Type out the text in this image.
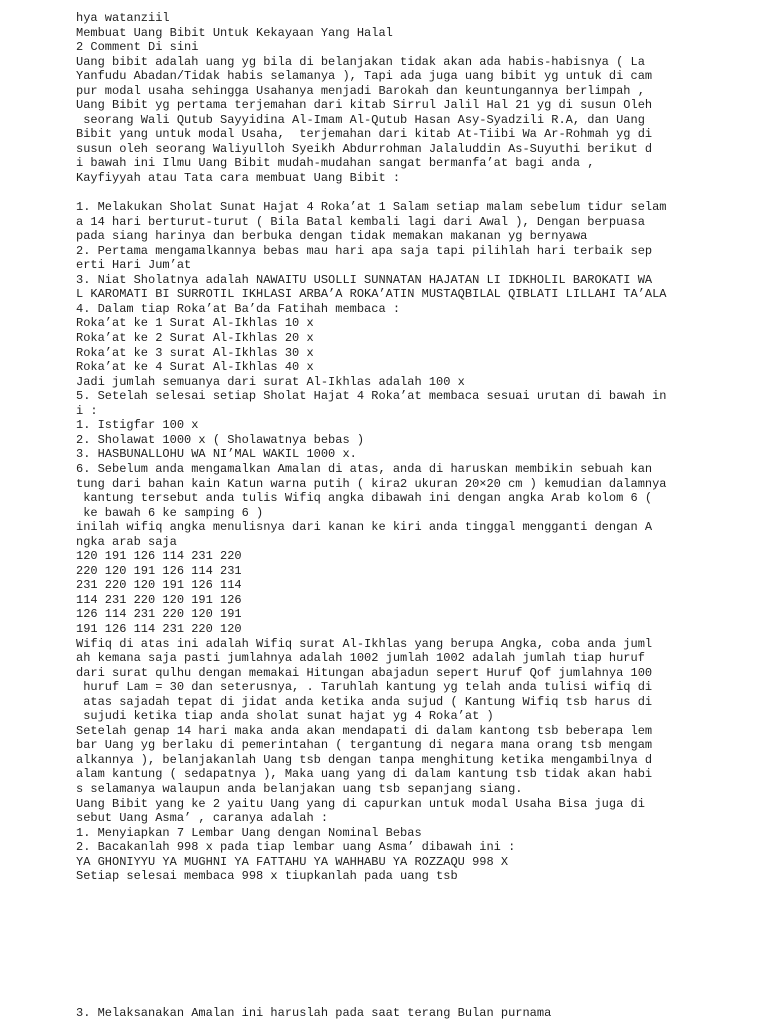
hya watanziil
Membuat Uang Bibit Untuk Kekayaan Yang Halal
2 Comment Di sini
Uang bibit adalah uang yg bila di belanjakan tidak akan ada habis-habisnya ( La
Yanfudu Abadan/Tidak habis selamanya ), Tapi ada juga uang bibit yg untuk di cam
pur modal usaha sehingga Usahanya menjadi Barokah dan keuntungannya berlimpah ,
Uang Bibit yg pertama terjemahan dari kitab Sirrul Jalil Hal 21 yg di susun Oleh
seorang Wali Qutub Sayyidina Al-Imam Al-Qutub Hasan Asy-Syadzili R.A, dan Uang
Bibit yang untuk modal Usaha,  terjemahan dari kitab At-Tiibi Wa Ar-Rohmah yg di
susun oleh seorang Waliyulloh Syeikh Abdurrohman Jalaluddin As-Suyuthi berikut d
i bawah ini Ilmu Uang Bibit mudah-mudahan sangat bermanfa’at bagi anda ,
Kayfiyyah atau Tata cara membuat Uang Bibit :

1. Melakukan Sholat Sunat Hajat 4 Roka’at 1 Salam setiap malam sebelum tidur selam
a 14 hari berturut-turut ( Bila Batal kembali lagi dari Awal ), Dengan berpuasa
pada siang harinya dan berbuka dengan tidak memakan makanan yg bernyawa
2. Pertama mengamalkannya bebas mau hari apa saja tapi pilihlah hari terbaik sep
erti Hari Jum’at
3. Niat Sholatnya adalah NAWAITU USOLLI SUNNATAN HAJATAN LI IDKHOLIL BAROKATI WA
L KAROMATI BI SURROTIL IKHLASI ARBA’A ROKA’ATIN MUSTAQBILAL QIBLATI LILLAHI TA’ALA
4. Dalam tiap Roka’at Ba’da Fatihah membaca :
Roka’at ke 1 Surat Al-Ikhlas 10 x
Roka’at ke 2 Surat Al-Ikhlas 20 x
Roka’at ke 3 surat Al-Ikhlas 30 x
Roka’at ke 4 Surat Al-Ikhlas 40 x
Jadi jumlah semuanya dari surat Al-Ikhlas adalah 100 x
5. Setelah selesai setiap Sholat Hajat 4 Roka’at membaca sesuai urutan di bawah in
i :
1. Istigfar 100 x
2. Sholawat 1000 x ( Sholawatnya bebas )
3. HASBUNALLOHU WA NI’MAL WAKIL 1000 x.
6. Sebelum anda mengamalkan Amalan di atas, anda di haruskan membikin sebuah kan
tung dari bahan kain Katun warna putih ( kira2 ukuran 20×20 cm ) kemudian dalamnya
kantung tersebut anda tulis Wifiq angka dibawah ini dengan angka Arab kolom 6 (
ke bawah 6 ke samping 6 )
inilah wifiq angka menulisnya dari kanan ke kiri anda tinggal mengganti dengan A
ngka arab saja
120 191 126 114 231 220
220 120 191 126 114 231
231 220 120 191 126 114
114 231 220 120 191 126
126 114 231 220 120 191
191 126 114 231 220 120
Wifiq di atas ini adalah Wifiq surat Al-Ikhlas yang berupa Angka, coba anda juml
ah kemana saja pasti jumlahnya adalah 1002 jumlah 1002 adalah jumlah tiap huruf
dari surat qulhu dengan memakai Hitungan abajadun sepert Huruf Qof jumlahnya 100
huruf Lam = 30 dan seterusnya, . Taruhlah kantung yg telah anda tulisi wifiq di
atas sajadah tepat di jidat anda ketika anda sujud ( Kantung Wifiq tsb harus di
sujudi ketika tiap anda sholat sunat hajat yg 4 Roka’at )
Setelah genap 14 hari maka anda akan mendapati di dalam kantong tsb beberapa lem
bar Uang yg berlaku di pemerintahan ( tergantung di negara mana orang tsb mengam
alkannya ), belanjakanlah Uang tsb dengan tanpa menghitung ketika mengambilnya d
alam kantung ( sedapatnya ), Maka uang yang di dalam kantung tsb tidak akan habi
s selamanya walaupun anda belanjakan uang tsb sepanjang siang.
Uang Bibit yang ke 2 yaitu Uang yang di capurkan untuk modal Usaha Bisa juga di
sebut Uang Asma’ , caranya adalah :
1. Menyiapkan 7 Lembar Uang dengan Nominal Bebas
2. Bacakanlah 998 x pada tiap lembar uang Asma’ dibawah ini :
YA GHONIYYU YA MUGHNI YA FATTAHU YA WAHHABU YA ROZZAQU 998 X
Setiap selesai membaca 998 x tiupkanlah pada uang tsb
3. Melaksanakan Amalan ini haruslah pada saat terang Bulan purnama
